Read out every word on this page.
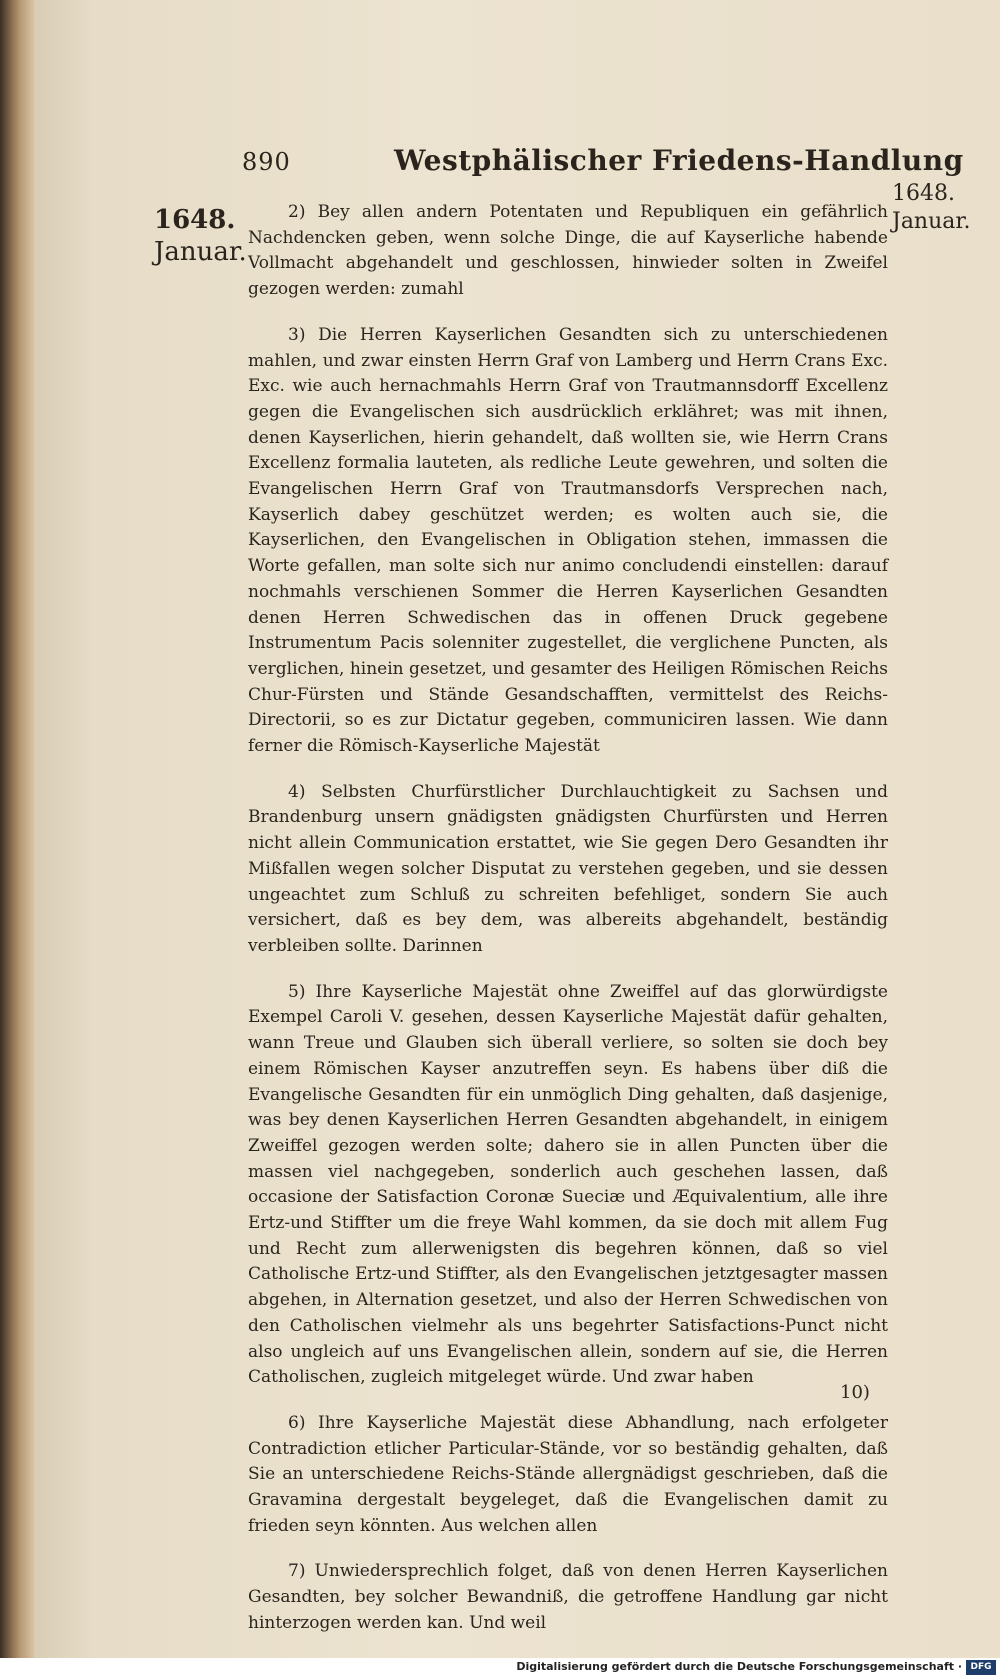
890	Westphälischer Friedens-Handlung
1648.
Januar.
1648.
Januar.

2) Bey allen andern Potentaten und Republiquen ein gefährlich Nachdencken geben, wenn solche Dinge, die auf Kayserliche habende Vollmacht abgehandelt und geschlossen, hinwieder solten in Zweifel gezogen werden: zumahl

3) Die Herren Kayserlichen Gesandten sich zu unterschiedenen mahlen, und zwar einsten Herrn Graf von Lamberg und Herrn Crans Exc. Exc. wie auch hernachmahls Herrn Graf von Trautmannsdorff Excellenz gegen die Evangelischen sich ausdrücklich erklähret; was mit ihnen, denen Kayserlichen, hierin gehandelt, daß wollten sie, wie Herrn Crans Excellenz formalia lauteten, als redliche Leute gewehren, und solten die Evangelischen Herrn Graf von Trautmansdorfs Versprechen nach, Kayserlich dabey geschützet werden; es wolten auch sie, die Kayserlichen, den Evangelischen in Obligation stehen, immassen die Worte gefallen, man solte sich nur animo concludendi einstellen: darauf nochmahls verschienen Sommer die Herren Kayserlichen Gesandten denen Herren Schwedischen das in offenen Druck gegebene Instrumentum Pacis solenniter zugestellet, die verglichene Puncten, als verglichen, hinein gesetzet, und gesamter des Heiligen Römischen Reichs Chur-Fürsten und Stände Gesandschafften, vermittelst des Reichs-Directorii, so es zur Dictatur gegeben, communiciren lassen. Wie dann ferner die Römisch-Kayserliche Majestät

4) Selbsten Churfürstlicher Durchlauchtigkeit zu Sachsen und Brandenburg unsern gnädigsten gnädigsten Churfürsten und Herren nicht allein Communication erstattet, wie Sie gegen Dero Gesandten ihr Mißfallen wegen solcher Disputat zu verstehen gegeben, und sie dessen ungeachtet zum Schluß zu schreiten befehliget, sondern Sie auch versichert, daß es bey dem, was albereits abgehandelt, beständig verbleiben sollte. Darinnen

5) Ihre Kayserliche Majestät ohne Zweiffel auf das glorwürdigste Exempel Caroli V. gesehen, dessen Kayserliche Majestät dafür gehalten, wann Treue und Glauben sich überall verliere, so solten sie doch bey einem Römischen Kayser anzutreffen seyn. Es habens über diß die Evangelische Gesandten für ein unmöglich Ding gehalten, daß dasjenige, was bey denen Kayserlichen Herren Gesandten abgehandelt, in einigem Zweiffel gezogen werden solte; dahero sie in allen Puncten über die massen viel nachgegeben, sonderlich auch geschehen lassen, daß occasione der Satisfaction Coronæ Sueciæ und Æquivalentium, alle ihre Ertz-und Stiffter um die freye Wahl kommen, da sie doch mit allem Fug und Recht zum allerwenigsten dis begehren können, daß so viel Catholische Ertz-und Stiffter, als den Evangelischen jetztgesagter massen abgehen, in Alternation gesetzet, und also der Herren Schwedischen von den Catholischen vielmehr als uns begehrter Satisfactions-Punct nicht also ungleich auf uns Evangelischen allein, sondern auf sie, die Herren Catholischen, zugleich mitgeleget würde. Und zwar haben

6) Ihre Kayserliche Majestät diese Abhandlung, nach erfolgeter Contradiction etlicher Particular-Stände, vor so beständig gehalten, daß Sie an unterschiedene Reichs-Stände allergnädigst geschrieben, daß die Gravamina dergestalt beygeleget, daß die Evangelischen damit zu frieden seyn könnten. Aus welchen allen

7) Unwiedersprechlich folget, daß von denen Herren Kayserlichen Gesandten, bey solcher Bewandniß, die getroffene Handlung gar nicht hinterzogen werden kan. Und weil

10)
Digitalisierung gefördert durch die Deutsche Forschungsgemeinschaft · DFG
